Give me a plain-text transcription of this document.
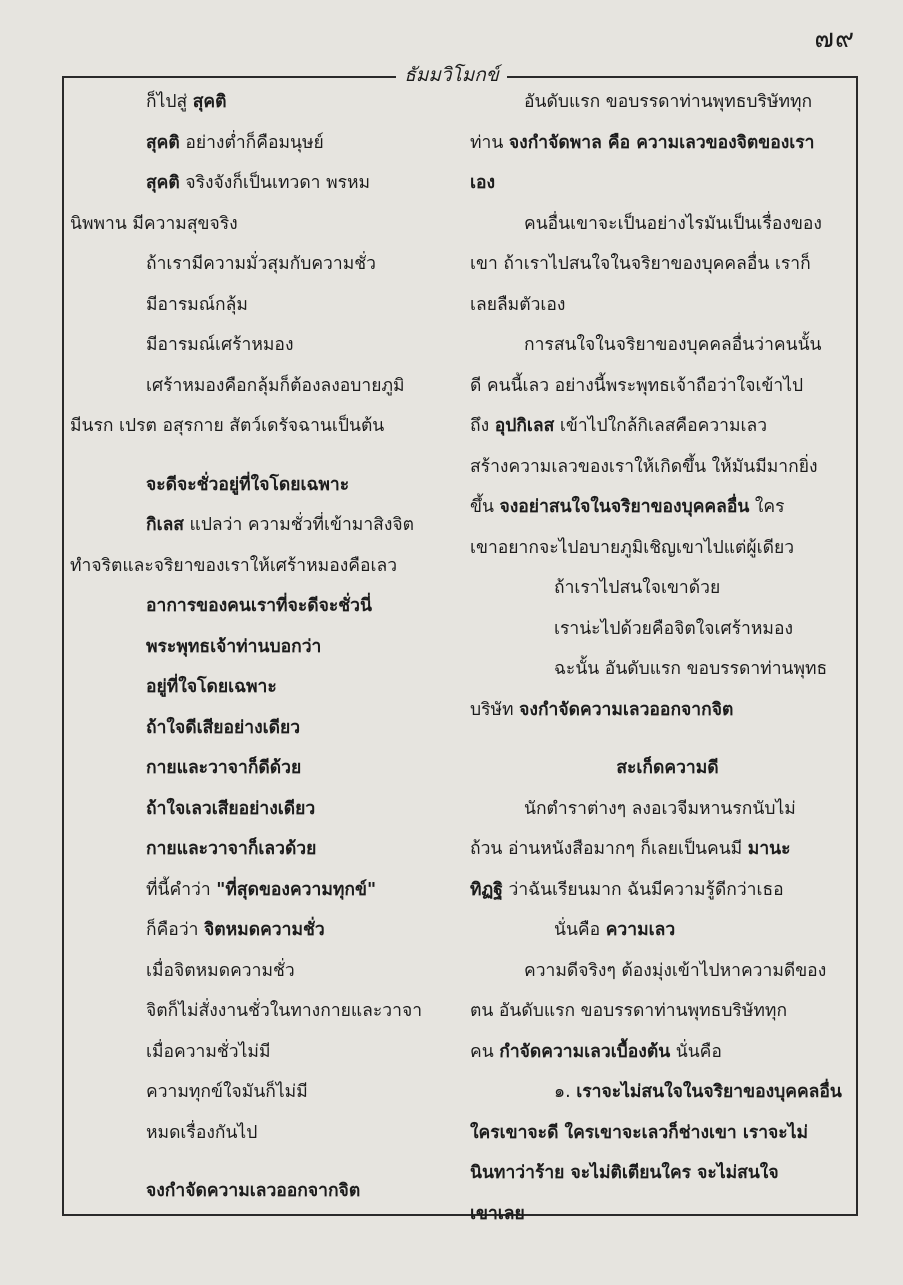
๗๙
ธัมมวิโมกข์
ก็ไปสู่ สุคติ
สุคติ อย่างต่ำก็คือมนุษย์
สุคติ จริงจังก็เป็นเทวดา พรหม
นิพพาน มีความสุขจริง
ถ้าเรามีความมั่วสุมกับความชั่ว
มีอารมณ์กลุ้ม
มีอารมณ์เศร้าหมอง
เศร้าหมองคือกลุ้มก็ต้องลงอบายภูมิ
มีนรก เปรต อสุรกาย สัตว์เดรัจฉานเป็นต้น
จะดีจะชั่วอยู่ที่ใจโดยเฉพาะ
กิเลส แปลว่า ความชั่วที่เข้ามาสิงจิต
ทำจริตและจริยาของเราให้เศร้าหมองคือเลว
อาการของคนเราที่จะดีจะชั่วนี่
พระพุทธเจ้าท่านบอกว่า
อยู่ที่ใจโดยเฉพาะ
ถ้าใจดีเสียอย่างเดียว
กายและวาจาก็ดีด้วย
ถ้าใจเลวเสียอย่างเดียว
กายและวาจาก็เลวด้วย
ที่นี้คำว่า "ที่สุดของความทุกข์"
ก็คือว่า จิตหมดความชั่ว
เมื่อจิตหมดความชั่ว
จิตก็ไม่สั่งงานชั่วในทางกายและวาจา
เมื่อความชั่วไม่มี
ความทุกข์ใจมันก็ไม่มี
หมดเรื่องกันไป
จงกำจัดความเลวออกจากจิต
อันดับแรก ขอบรรดาท่านพุทธบริษัททุก
ท่าน จงกำจัดพาล คือ ความเลวของจิตของเรา
เอง
คนอื่นเขาจะเป็นอย่างไรมันเป็นเรื่องของ
เขา ถ้าเราไปสนใจในจริยาของบุคคลอื่น เราก็
เลยลืมตัวเอง
การสนใจในจริยาของบุคคลอื่นว่าคนนั้น
ดี คนนี้เลว อย่างนี้พระพุทธเจ้าถือว่าใจเข้าไป
ถึง อุปกิเลส เข้าไปใกล้กิเลสคือความเลว
สร้างความเลวของเราให้เกิดขึ้น ให้มันมีมากยิ่ง
ขึ้น จงอย่าสนใจในจริยาของบุคคลอื่น ใคร
เขาอยากจะไปอบายภูมิเชิญเขาไปแต่ผู้เดียว
ถ้าเราไปสนใจเขาด้วย
เราน่ะไปด้วยคือจิตใจเศร้าหมอง
ฉะนั้น อันดับแรก ขอบรรดาท่านพุทธ
บริษัท จงกำจัดความเลวออกจากจิต
สะเก็ดความดี
นักตำราต่างๆ ลงอเวจีมหานรกนับไม่
ถ้วน อ่านหนังสือมากๆ ก็เลยเป็นคนมี มานะ
ทิฏฐิ ว่าฉันเรียนมาก ฉันมีความรู้ดีกว่าเธอ
นั่นคือ ความเลว
ความดีจริงๆ ต้องมุ่งเข้าไปหาความดีของ
ตน อันดับแรก ขอบรรดาท่านพุทธบริษัททุก
คน กำจัดความเลวเบื้องต้น นั่นคือ
๑. เราจะไม่สนใจในจริยาของบุคคลอื่น
ใครเขาจะดี ใครเขาจะเลวก็ช่างเขา เราจะไม่
นินทาว่าร้าย จะไม่ติเตียนใคร จะไม่สนใจ
เขาเลย
